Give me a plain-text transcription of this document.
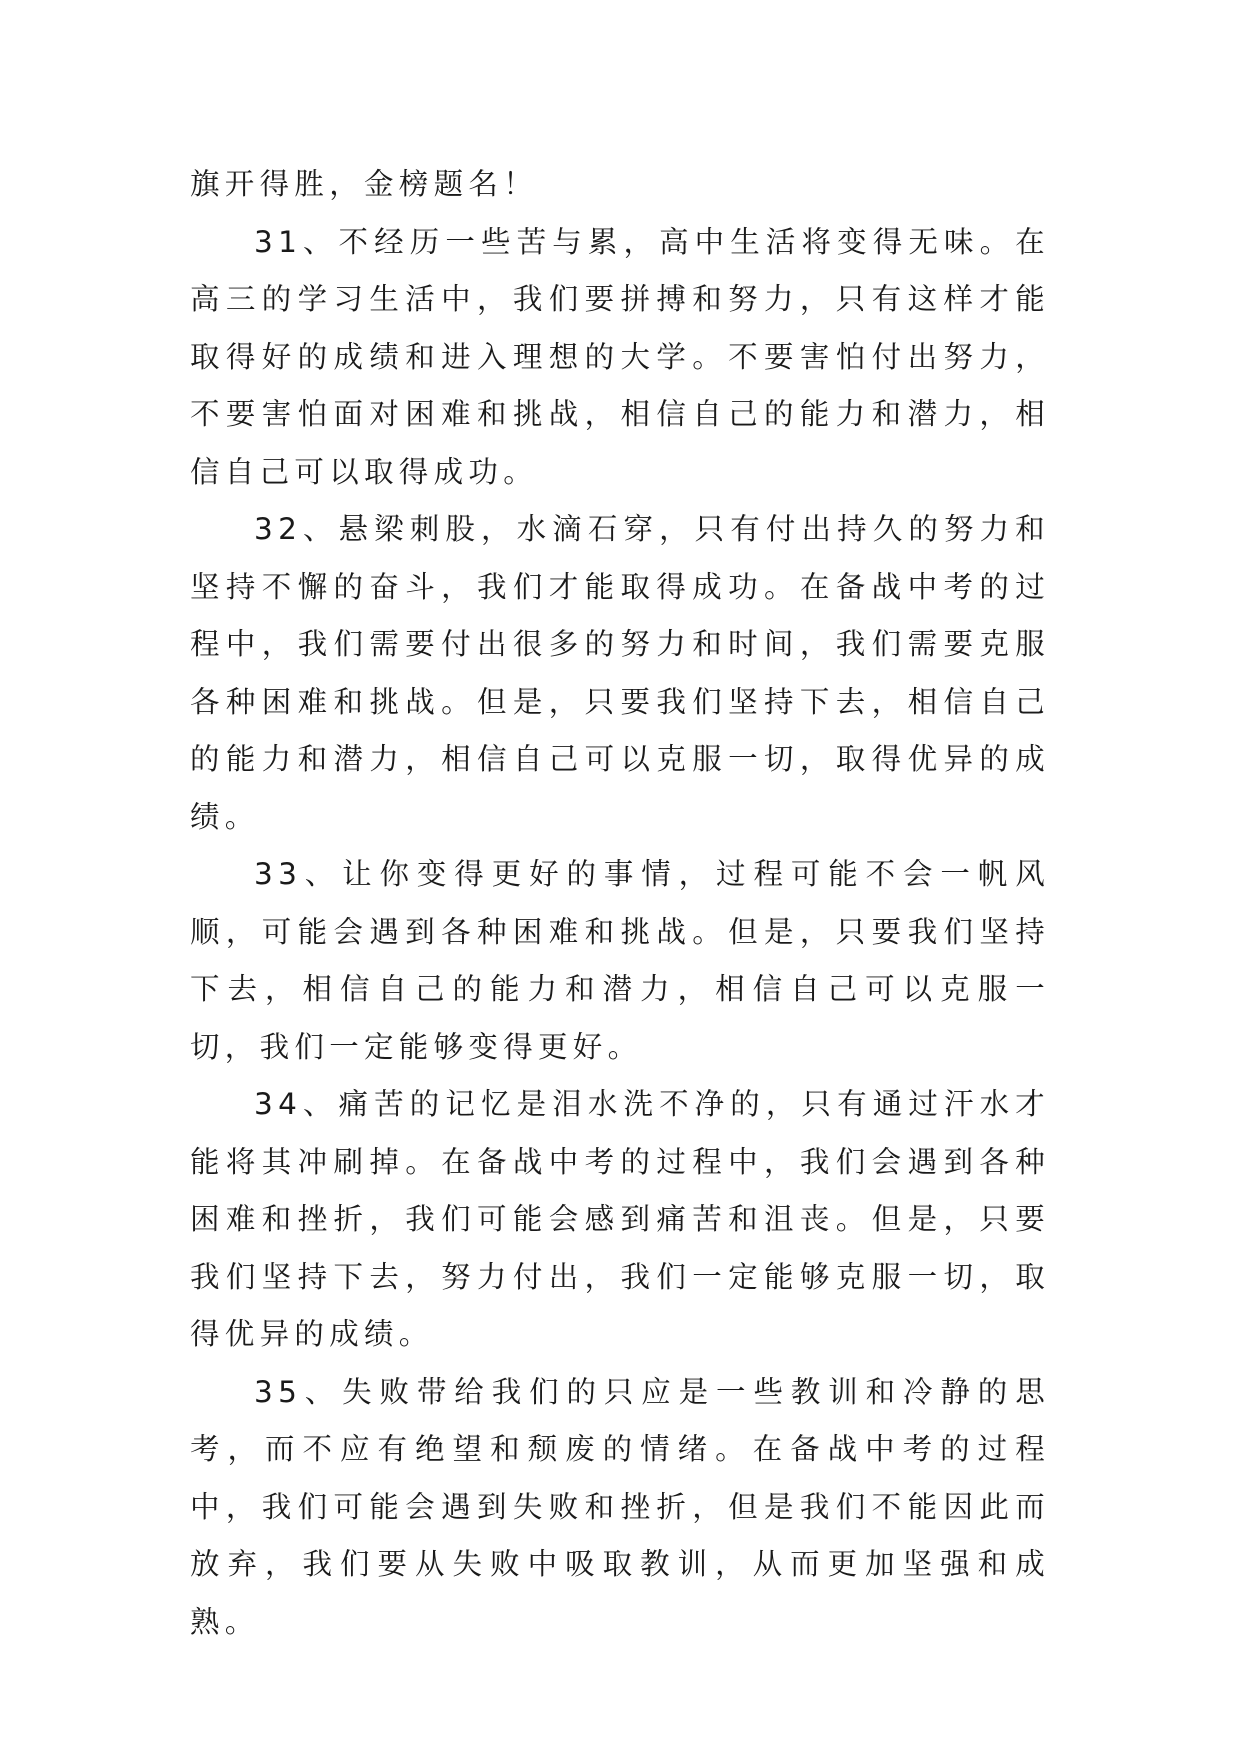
旗开得胜，金榜题名！

31、不经历一些苦与累，高中生活将变得无味。在高三的学习生活中，我们要拼搏和努力，只有这样才能取得好的成绩和进入理想的大学。不要害怕付出努力，不要害怕面对困难和挑战，相信自己的能力和潜力，相信自己可以取得成功。

32、悬梁刺股，水滴石穿，只有付出持久的努力和坚持不懈的奋斗，我们才能取得成功。在备战中考的过程中，我们需要付出很多的努力和时间，我们需要克服各种困难和挑战。但是，只要我们坚持下去，相信自己的能力和潜力，相信自己可以克服一切，取得优异的成绩。

33、让你变得更好的事情，过程可能不会一帆风顺，可能会遇到各种困难和挑战。但是，只要我们坚持下去，相信自己的能力和潜力，相信自己可以克服一切，我们一定能够变得更好。

34、痛苦的记忆是泪水洗不净的，只有通过汗水才能将其冲刷掉。在备战中考的过程中，我们会遇到各种困难和挫折，我们可能会感到痛苦和沮丧。但是，只要我们坚持下去，努力付出，我们一定能够克服一切，取得优异的成绩。

35、失败带给我们的只应是一些教训和冷静的思考，而不应有绝望和颓废的情绪。在备战中考的过程中，我们可能会遇到失败和挫折，但是我们不能因此而放弃，我们要从失败中吸取教训，从而更加坚强和成熟。
